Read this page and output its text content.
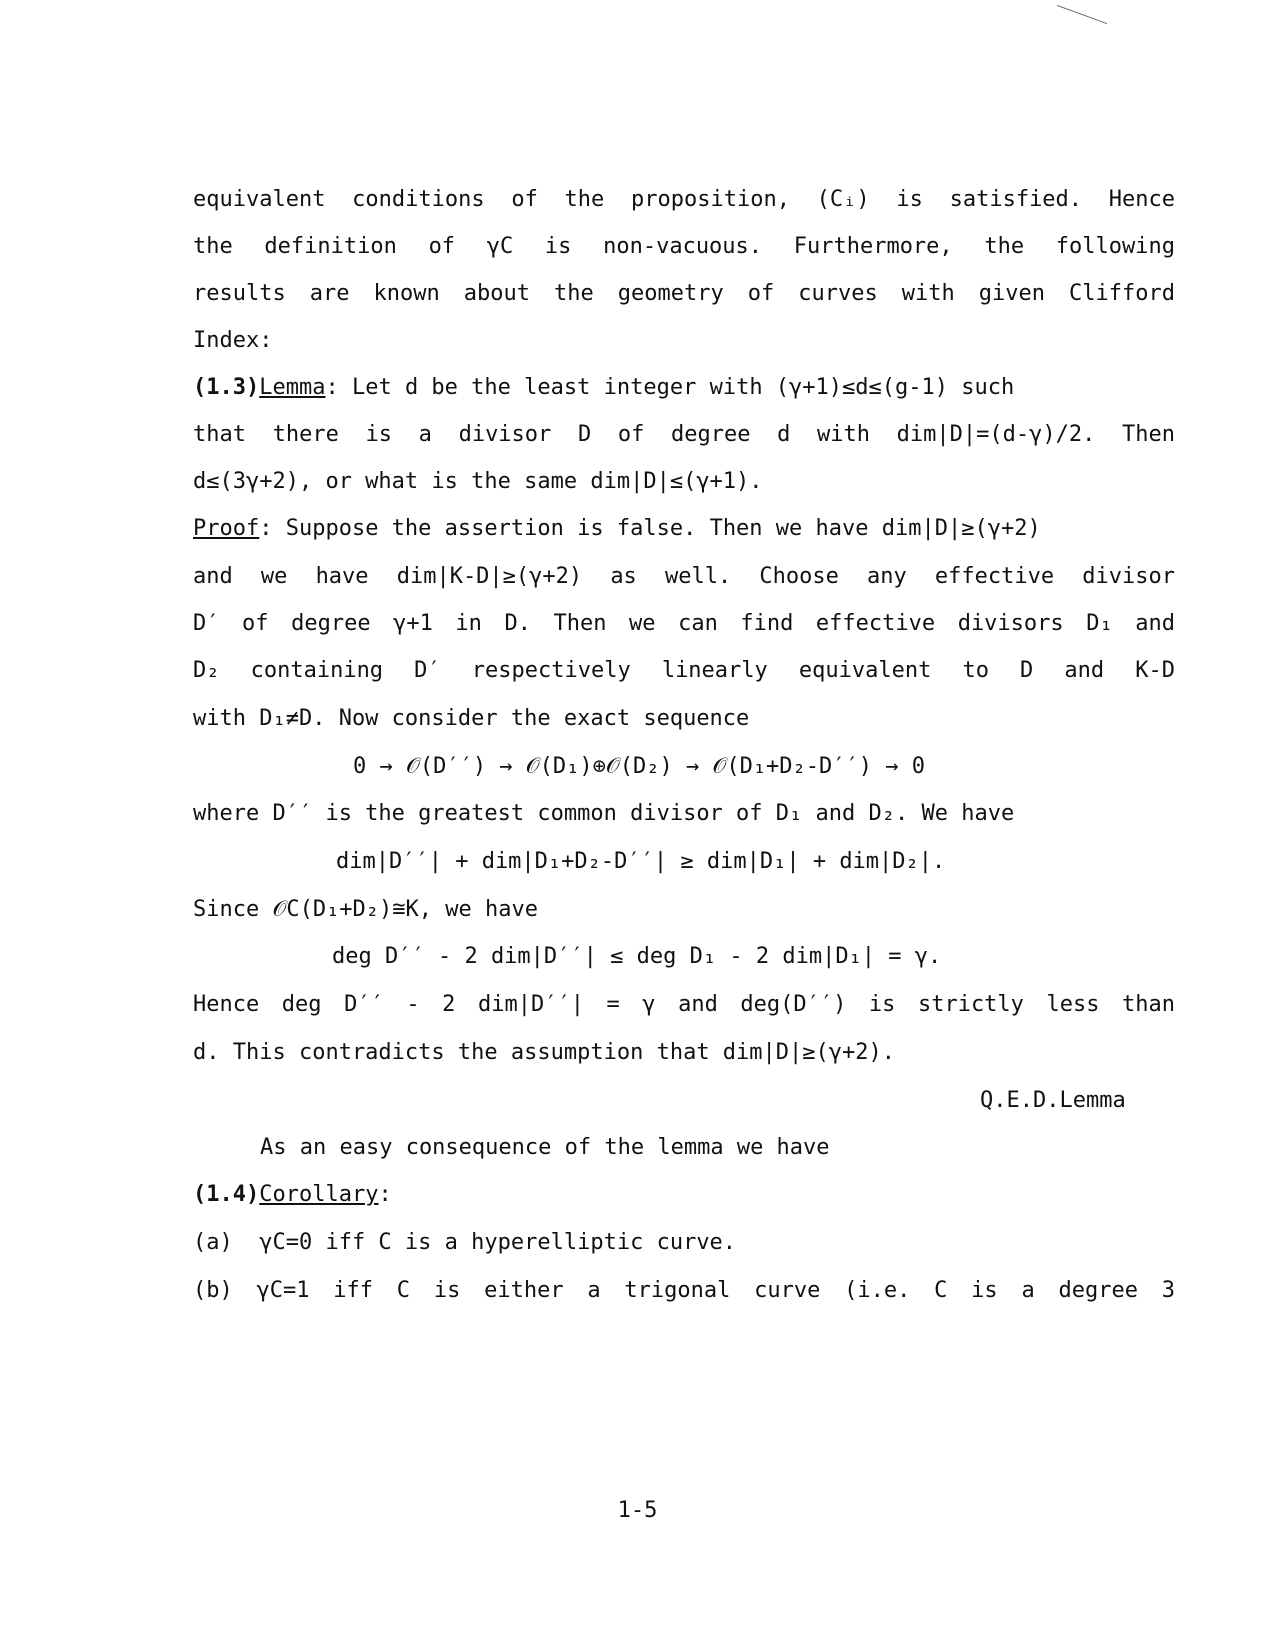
equivalent conditions of the proposition, (Cᵢ) is satisfied. Hence
the definition of γC is non-vacuous. Furthermore, the following
results are known about the geometry of curves with given Clifford
Index:
(1.3)Lemma: Let d be the least integer with (γ+1)≤d≤(g-1) such
that there is a divisor D of degree d with dim|D|=(d-γ)/2. Then
d≤(3γ+2), or what is the same dim|D|≤(γ+1).
Proof: Suppose the assertion is false. Then we have dim|D|≥(γ+2)
and we have dim|K-D|≥(γ+2) as well. Choose any effective divisor
D′ of degree γ+1 in D. Then we can find effective divisors D₁ and
D₂ containing D′ respectively linearly equivalent to D and K-D
with D₁≠D. Now consider the exact sequence
0 → 𝒪(D′′) → 𝒪(D₁)⊕𝒪(D₂) → 𝒪(D₁+D₂-D′′) → 0
where D′′ is the greatest common divisor of D₁ and D₂. We have
dim|D′′| + dim|D₁+D₂-D′′| ≥ dim|D₁| + dim|D₂|.
Since 𝒪C(D₁+D₂)≅K, we have
deg D′′ - 2 dim|D′′| ≤ deg D₁ - 2 dim|D₁| = γ.
Hence deg D′′ - 2 dim|D′′| = γ and deg(D′′) is strictly less than
d. This contradicts the assumption that dim|D|≥(γ+2).
Q.E.D.Lemma
As an easy consequence of the lemma we have
(1.4)Corollary:
(a)  γC=0 iff C is a hyperelliptic curve.
(b) γC=1 iff C is either a trigonal curve (i.e. C is a degree 3
1-5
